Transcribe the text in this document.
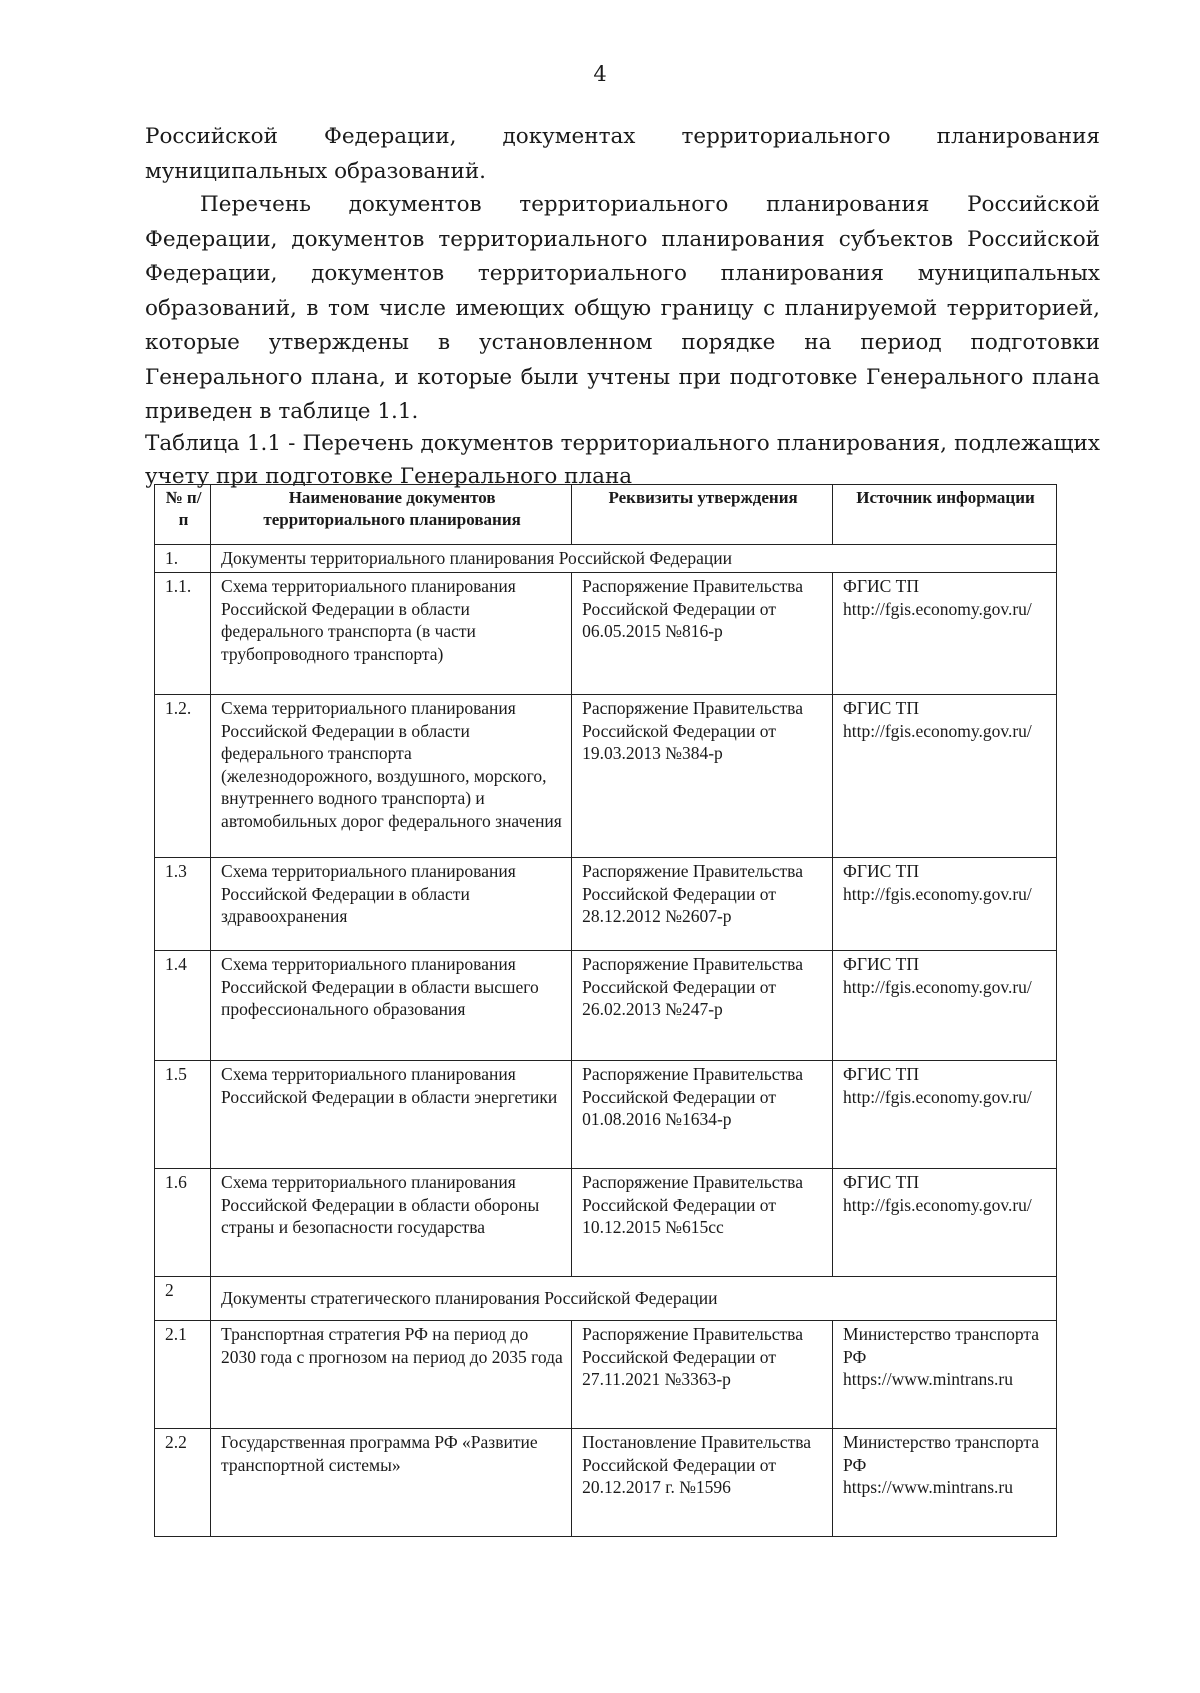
4

Российской Федерации, документах территориального планирования муниципальных образований.

Перечень документов территориального планирования Российской Федерации, документов территориального планирования субъектов Российской Федерации, документов территориального планирования муниципальных образований, в том числе имеющих общую границу с планируемой территорией, которые утверждены в установленном порядке на период подготовки Генерального плана, и которые были учтены при подготовке Генерального плана приведен в таблице 1.1.

Таблица 1.1 - Перечень документов территориального планирования, подлежащих учету при подготовке Генерального плана
№ п/п	Наименование документов территориального планирования	Реквизиты утверждения	Источник информации
1.	Документы территориального планирования Российской Федерации		
1.1.	Схема территориального планирования Российской Федерации в области федерального транспорта (в части трубопроводного транспорта)	Распоряжение Правительства Российской Федерации от 06.05.2015 №816-р	ФГИС ТП
http://fgis.economy.gov.ru/

1.2.	Схема территориального планирования Российской Федерации в области федерального транспорта (железнодорожного, воздушного, морского, внутреннего водного транспорта) и автомобильных дорог федерального значения	Распоряжение Правительства Российской Федерации от 19.03.2013 №384-р	ФГИС ТП
http://fgis.economy.gov.ru/

1.3	Схема территориального планирования Российской Федерации в области здравоохранения	Распоряжение Правительства Российской Федерации от 28.12.2012 №2607-р	ФГИС ТП
http://fgis.economy.gov.ru/

1.4	Схема территориального планирования Российской Федерации в области высшего профессионального образования	Распоряжение Правительства Российской Федерации от 26.02.2013 №247-р	ФГИС ТП
http://fgis.economy.gov.ru/

1.5	Схема территориального планирования Российской Федерации в области энергетики	Распоряжение Правительства Российской Федерации от 01.08.2016 №1634-р	ФГИС ТП
http://fgis.economy.gov.ru/

1.6	Схема территориального планирования Российской Федерации в области обороны страны и безопасности государства	Распоряжение Правительства Российской Федерации от 10.12.2015 №615сс	ФГИС ТП
http://fgis.economy.gov.ru/

2	Документы стратегического планирования Российской Федерации		
2.1	Транспортная стратегия РФ на период до 2030 года с прогнозом на период до 2035 года	Распоряжение Правительства Российской Федерации от 27.11.2021 №3363-р	Министерство транспорта РФ
https://www.mintrans.ru

2.2	Государственная программа РФ «Развитие транспортной системы»	Постановление Правительства Российской Федерации от 20.12.2017 г. №1596	Министерство транспорта РФ
https://www.mintrans.ru
